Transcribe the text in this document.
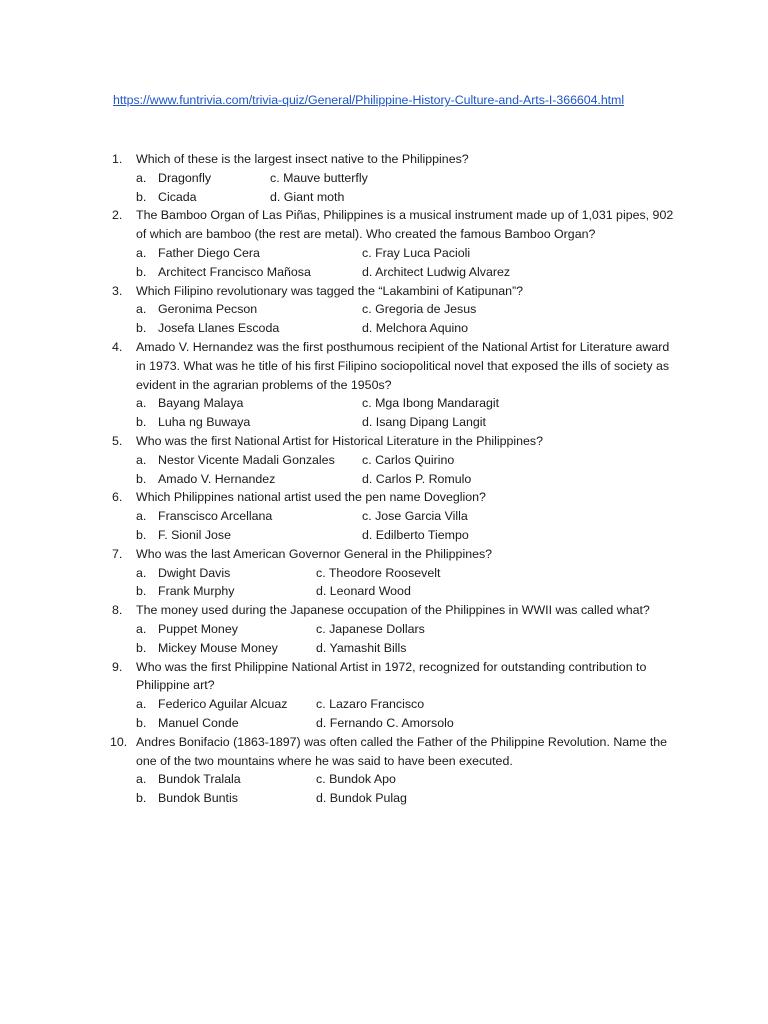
https://www.funtrivia.com/trivia-quiz/General/Philippine-History-Culture-and-Arts-I-366604.html
1.	Which of these is the largest insect native to the Philippines?
a. Dragonfly	c. Mauve butterfly
b. Cicada	d. Giant moth
2.	The Bamboo Organ of Las Piñas, Philippines is a musical instrument made up of 1,031 pipes, 902 of which are bamboo (the rest are metal). Who created the famous Bamboo Organ?
a. Father Diego Cera	c. Fray Luca Pacioli
b. Architect Francisco Mañosa	d. Architect Ludwig Alvarez
3.	Which Filipino revolutionary was tagged the “Lakambini of Katipunan”?
a. Geronima Pecson	c. Gregoria de Jesus
b. Josefa Llanes Escoda	d. Melchora Aquino
4.	Amado V. Hernandez was the first posthumous recipient of the National Artist for Literature award in 1973. What was he title of his first Filipino sociopolitical novel that exposed the ills of society as evident in the agrarian problems of the 1950s?
a. Bayang Malaya	c. Mga Ibong Mandaragit
b. Luha ng Buwaya	d. Isang Dipang Langit
5.	Who was the first National Artist for Historical Literature in the Philippines?
a. Nestor Vicente Madali Gonzales c. Carlos Quirino
b. Amado V. Hernandez	d. Carlos P. Romulo
6.	Which Philippines national artist used the pen name Doveglion?
a. Franscisco Arcellana	c. Jose Garcia Villa
b. F. Sionil Jose	d. Edilberto Tiempo
7.	Who was the last American Governor General in the Philippines?
a. Dwight Davis	c. Theodore Roosevelt
b. Frank Murphy	d. Leonard Wood
8.	The money used during the Japanese occupation of the Philippines in WWII was called what?
a. Puppet Money	c. Japanese Dollars
b. Mickey Mouse Money	d. Yamashit Bills
9.	Who was the first Philippine National Artist in 1972, recognized for outstanding contribution to Philippine art?
a. Federico Aguilar Alcuaz c. Lazaro Francisco
b. Manuel Conde	d. Fernando C. Amorsolo
10. Andres Bonifacio (1863-1897) was often called the Father of the Philippine Revolution. Name the one of the two mountains where he was said to have been executed.
a. Bundok Tralala	c. Bundok Apo
b. Bundok Buntis	d. Bundok Pulag
